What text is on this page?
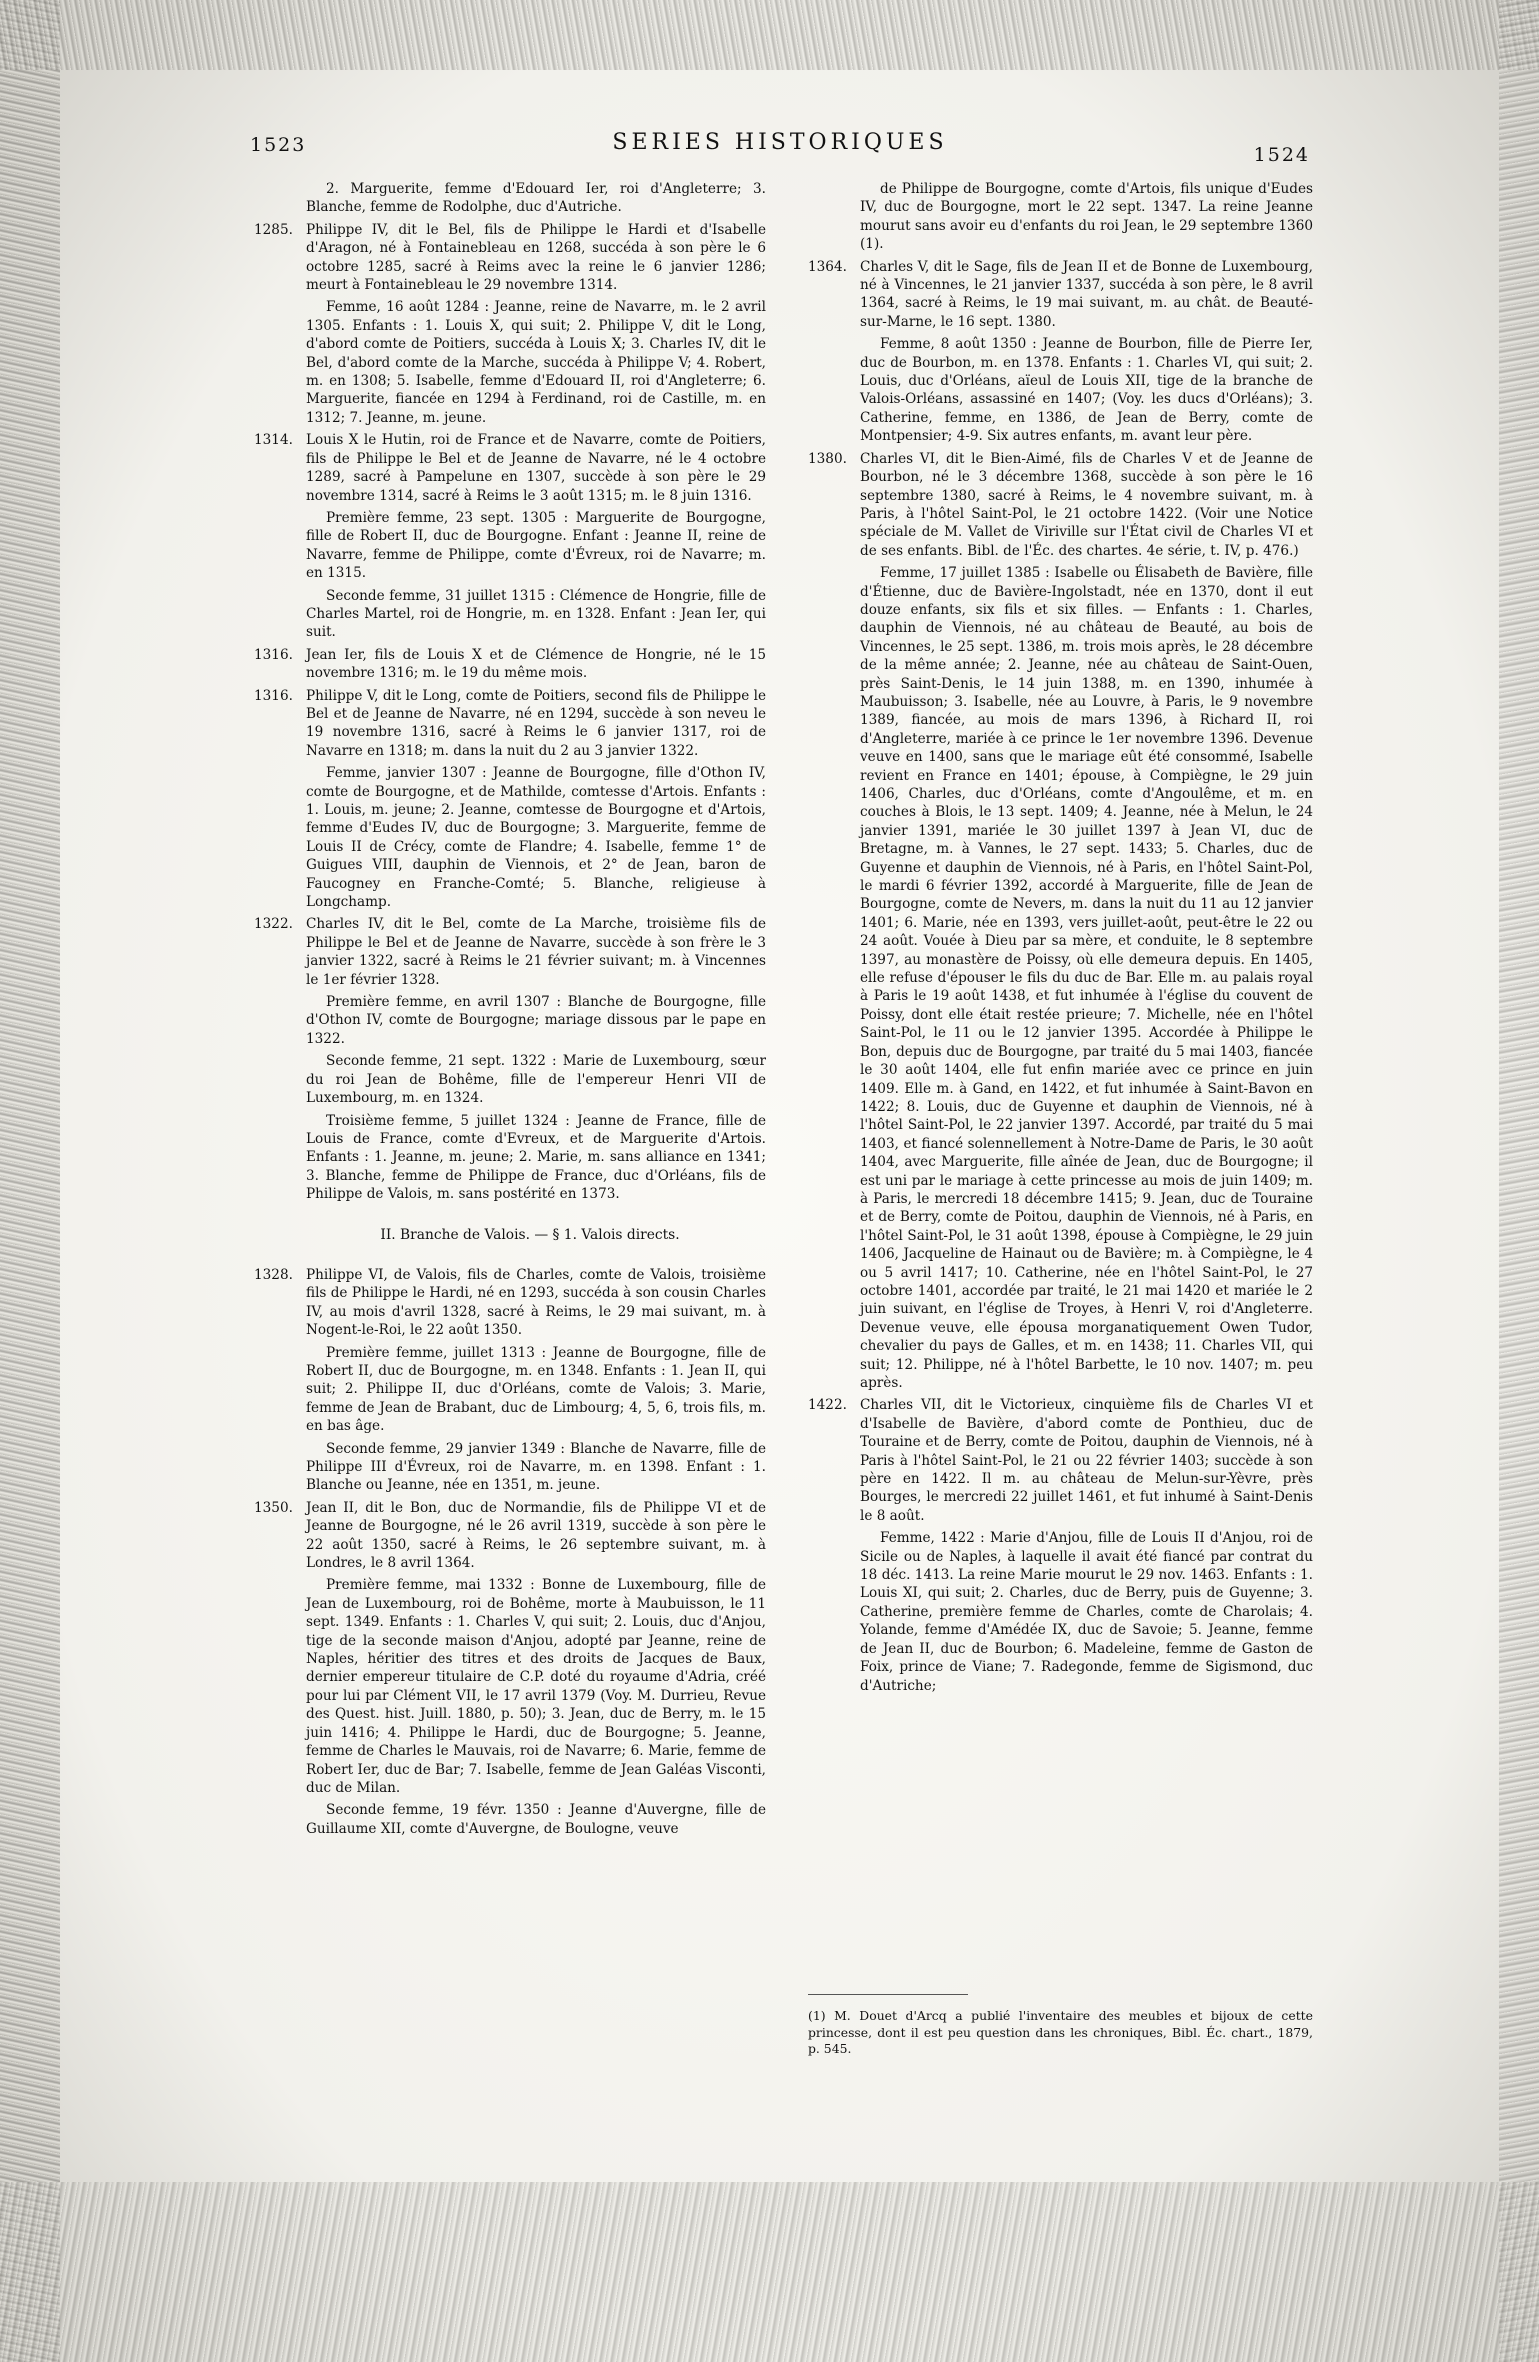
1523	SERIES HISTORIQUES	1524
2. Marguerite, femme d'Edouard Ier, roi d'Angleterre; 3. Blanche, femme de Rodolphe, duc d'Autriche.
1285. Philippe IV, dit le Bel, fils de Philippe le Hardi et d'Isabelle d'Aragon, né à Fontainebleau en 1268, succéda à son père le 6 octobre 1285, sacré à Reims avec la reine le 6 janvier 1286; meurt à Fontainebleau le 29 novembre 1314.
Femme, 16 août 1284 : Jeanne, reine de Navarre, m. le 2 avril 1305. Enfants : 1. Louis X, qui suit; 2. Philippe V, dit le Long, d'abord comte de Poitiers, succéda à Louis X; 3. Charles IV, dit le Bel, d'abord comte de la Marche, succéda à Philippe V; 4. Robert, m. en 1308; 5. Isabelle, femme d'Edouard II, roi d'Angleterre; 6. Marguerite, fiancée en 1294 à Ferdinand, roi de Castille, m. en 1312; 7. Jeanne, m. jeune.
1314. Louis X le Hutin, roi de France et de Navarre, comte de Poitiers, fils de Philippe le Bel et de Jeanne de Navarre, né le 4 octobre 1289, sacré à Pampelune en 1307, succède à son père le 29 novembre 1314, sacré à Reims le 3 août 1315; m. le 8 juin 1316.
Première femme, 23 sept. 1305 : Marguerite de Bourgogne, fille de Robert II, duc de Bourgogne. Enfant : Jeanne II, reine de Navarre, femme de Philippe, comte d'Évreux, roi de Navarre; m. en 1315.
Seconde femme, 31 juillet 1315 : Clémence de Hongrie, fille de Charles Martel, roi de Hongrie, m. en 1328. Enfant : Jean Ier, qui suit.
1316. Jean Ier, fils de Louis X et de Clémence de Hongrie, né le 15 novembre 1316; m. le 19 du même mois.
1316. Philippe V, dit le Long, comte de Poitiers, second fils de Philippe le Bel et de Jeanne de Navarre, né en 1294, succède à son neveu le 19 novembre 1316, sacré à Reims le 6 janvier 1317, roi de Navarre en 1318; m. dans la nuit du 2 au 3 janvier 1322.
Femme, janvier 1307 : Jeanne de Bourgogne, fille d'Othon IV, comte de Bourgogne, et de Mathilde, comtesse d'Artois. Enfants : 1. Louis, m. jeune; 2. Jeanne, comtesse de Bourgogne et d'Artois, femme d'Eudes IV, duc de Bourgogne; 3. Marguerite, femme de Louis II de Crécy, comte de Flandre; 4. Isabelle, femme 1° de Guigues VIII, dauphin de Viennois, et 2° de Jean, baron de Faucogney en Franche-Comté; 5. Blanche, religieuse à Longchamp.
1322. Charles IV, dit le Bel, comte de La Marche, troisième fils de Philippe le Bel et de Jeanne de Navarre, succède à son frère le 3 janvier 1322, sacré à Reims le 21 février suivant; m. à Vincennes le 1er février 1328.
Première femme, en avril 1307 : Blanche de Bourgogne, fille d'Othon IV, comte de Bourgogne; mariage dissous par le pape en 1322.
Seconde femme, 21 sept. 1322 : Marie de Luxembourg, sœur du roi Jean de Bohême, fille de l'empereur Henri VII de Luxembourg, m. en 1324.
Troisième femme, 5 juillet 1324 : Jeanne de France, fille de Louis de France, comte d'Evreux, et de Marguerite d'Artois. Enfants : 1. Jeanne, m. jeune; 2. Marie, m. sans alliance en 1341; 3. Blanche, femme de Philippe de France, duc d'Orléans, fils de Philippe de Valois, m. sans postérité en 1373.
II. Branche de Valois. — § 1. Valois directs.
1328. Philippe VI, de Valois, fils de Charles, comte de Valois, troisième fils de Philippe le Hardi, né en 1293, succéda à son cousin Charles IV, au mois d'avril 1328, sacré à Reims, le 29 mai suivant, m. à Nogent-le-Roi, le 22 août 1350.
Première femme, juillet 1313 : Jeanne de Bourgogne, fille de Robert II, duc de Bourgogne, m. en 1348. Enfants : 1. Jean II, qui suit; 2. Philippe II, duc d'Orléans, comte de Valois; 3. Marie, femme de Jean de Brabant, duc de Limbourg; 4, 5, 6, trois fils, m. en bas âge.
Seconde femme, 29 janvier 1349 : Blanche de Navarre, fille de Philippe III d'Évreux, roi de Navarre, m. en 1398. Enfant : 1. Blanche ou Jeanne, née en 1351, m. jeune.
1350. Jean II, dit le Bon, duc de Normandie, fils de Philippe VI et de Jeanne de Bourgogne, né le 26 avril 1319, succède à son père le 22 août 1350, sacré à Reims, le 26 septembre suivant, m. à Londres, le 8 avril 1364.
Première femme, mai 1332 : Bonne de Luxembourg, fille de Jean de Luxembourg, roi de Bohême, morte à Maubuisson, le 11 sept. 1349. Enfants : 1. Charles V, qui suit; 2. Louis, duc d'Anjou, tige de la seconde maison d'Anjou, adopté par Jeanne, reine de Naples, héritier des titres et des droits de Jacques de Baux, dernier empereur titulaire de C.P. doté du royaume d'Adria, créé pour lui par Clément VII, le 17 avril 1379 (Voy. M. Durrieu, Revue des Quest. hist. Juill. 1880, p. 50); 3. Jean, duc de Berry, m. le 15 juin 1416; 4. Philippe le Hardi, duc de Bourgogne; 5. Jeanne, femme de Charles le Mauvais, roi de Navarre; 6. Marie, femme de Robert Ier, duc de Bar; 7. Isabelle, femme de Jean Galéas Visconti, duc de Milan.
Seconde femme, 19 févr. 1350 : Jeanne d'Auvergne, fille de Guillaume XII, comte d'Auvergne, de Boulogne, veuve
de Philippe de Bourgogne, comte d'Artois, fils unique d'Eudes IV, duc de Bourgogne, mort le 22 sept. 1347. La reine Jeanne mourut sans avoir eu d'enfants du roi Jean, le 29 septembre 1360 (1).
1364. Charles V, dit le Sage, fils de Jean II et de Bonne de Luxembourg, né à Vincennes, le 21 janvier 1337, succéda à son père, le 8 avril 1364, sacré à Reims, le 19 mai suivant, m. au chât. de Beauté-sur-Marne, le 16 sept. 1380.
Femme, 8 août 1350 : Jeanne de Bourbon, fille de Pierre Ier, duc de Bourbon, m. en 1378. Enfants : 1. Charles VI, qui suit; 2. Louis, duc d'Orléans, aïeul de Louis XII, tige de la branche de Valois-Orléans, assassiné en 1407; (Voy. les ducs d'Orléans); 3. Catherine, femme, en 1386, de Jean de Berry, comte de Montpensier; 4-9. Six autres enfants, m. avant leur père.
1380. Charles VI, dit le Bien-Aimé, fils de Charles V et de Jeanne de Bourbon, né le 3 décembre 1368, succède à son père le 16 septembre 1380, sacré à Reims, le 4 novembre suivant, m. à Paris, à l'hôtel Saint-Pol, le 21 octobre 1422. (Voir une Notice spéciale de M. Vallet de Viriville sur l'État civil de Charles VI et de ses enfants. Bibl. de l'Éc. des chartes. 4e série, t. IV, p. 476.)
Femme, 17 juillet 1385 : Isabelle ou Élisabeth de Bavière, fille d'Étienne, duc de Bavière-Ingolstadt, née en 1370, dont il eut douze enfants, six fils et six filles. — Enfants : 1. Charles, dauphin de Viennois, né au château de Beauté, au bois de Vincennes, le 25 sept. 1386, m. trois mois après, le 28 décembre de la même année; 2. Jeanne, née au château de Saint-Ouen, près Saint-Denis, le 14 juin 1388, m. en 1390, inhumée à Maubuisson; 3. Isabelle, née au Louvre, à Paris, le 9 novembre 1389, fiancée, au mois de mars 1396, à Richard II, roi d'Angleterre, mariée à ce prince le 1er novembre 1396. Devenue veuve en 1400, sans que le mariage eût été consommé, Isabelle revient en France en 1401; épouse, à Compiègne, le 29 juin 1406, Charles, duc d'Orléans, comte d'Angoulême, et m. en couches à Blois, le 13 sept. 1409; 4. Jeanne, née à Melun, le 24 janvier 1391, mariée le 30 juillet 1397 à Jean VI, duc de Bretagne, m. à Vannes, le 27 sept. 1433; 5. Charles, duc de Guyenne et dauphin de Viennois, né à Paris, en l'hôtel Saint-Pol, le mardi 6 février 1392, accordé à Marguerite, fille de Jean de Bourgogne, comte de Nevers, m. dans la nuit du 11 au 12 janvier 1401; 6. Marie, née en 1393, vers juillet-août, peut-être le 22 ou 24 août. Vouée à Dieu par sa mère, et conduite, le 8 septembre 1397, au monastère de Poissy, où elle demeura depuis. En 1405, elle refuse d'épouser le fils du duc de Bar. Elle m. au palais royal à Paris le 19 août 1438, et fut inhumée à l'église du couvent de Poissy, dont elle était restée prieure; 7. Michelle, née en l'hôtel Saint-Pol, le 11 ou le 12 janvier 1395. Accordée à Philippe le Bon, depuis duc de Bourgogne, par traité du 5 mai 1403, fiancée le 30 août 1404, elle fut enfin mariée avec ce prince en juin 1409. Elle m. à Gand, en 1422, et fut inhumée à Saint-Bavon en 1422; 8. Louis, duc de Guyenne et dauphin de Viennois, né à l'hôtel Saint-Pol, le 22 janvier 1397. Accordé, par traité du 5 mai 1403, et fiancé solennellement à Notre-Dame de Paris, le 30 août 1404, avec Marguerite, fille aînée de Jean, duc de Bourgogne; il est uni par le mariage à cette princesse au mois de juin 1409; m. à Paris, le mercredi 18 décembre 1415; 9. Jean, duc de Touraine et de Berry, comte de Poitou, dauphin de Viennois, né à Paris, en l'hôtel Saint-Pol, le 31 août 1398, épouse à Compiègne, le 29 juin 1406, Jacqueline de Hainaut ou de Bavière; m. à Compiègne, le 4 ou 5 avril 1417; 10. Catherine, née en l'hôtel Saint-Pol, le 27 octobre 1401, accordée par traité, le 21 mai 1420 et mariée le 2 juin suivant, en l'église de Troyes, à Henri V, roi d'Angleterre. Devenue veuve, elle épousa morganatiquement Owen Tudor, chevalier du pays de Galles, et m. en 1438; 11. Charles VII, qui suit; 12. Philippe, né à l'hôtel Barbette, le 10 nov. 1407; m. peu après.
1422. Charles VII, dit le Victorieux, cinquième fils de Charles VI et d'Isabelle de Bavière, d'abord comte de Ponthieu, duc de Touraine et de Berry, comte de Poitou, dauphin de Viennois, né à Paris à l'hôtel Saint-Pol, le 21 ou 22 février 1403; succède à son père en 1422. Il m. au château de Melun-sur-Yèvre, près Bourges, le mercredi 22 juillet 1461, et fut inhumé à Saint-Denis le 8 août.
Femme, 1422 : Marie d'Anjou, fille de Louis II d'Anjou, roi de Sicile ou de Naples, à laquelle il avait été fiancé par contrat du 18 déc. 1413. La reine Marie mourut le 29 nov. 1463. Enfants : 1. Louis XI, qui suit; 2. Charles, duc de Berry, puis de Guyenne; 3. Catherine, première femme de Charles, comte de Charolais; 4. Yolande, femme d'Amédée IX, duc de Savoie; 5. Jeanne, femme de Jean II, duc de Bourbon; 6. Madeleine, femme de Gaston de Foix, prince de Viane; 7. Radegonde, femme de Sigismond, duc d'Autriche;
(1) M. Douet d'Arcq a publié l'inventaire des meubles et bijoux de cette princesse, dont il est peu question dans les chroniques, Bibl. Éc. chart., 1879, p. 545.
